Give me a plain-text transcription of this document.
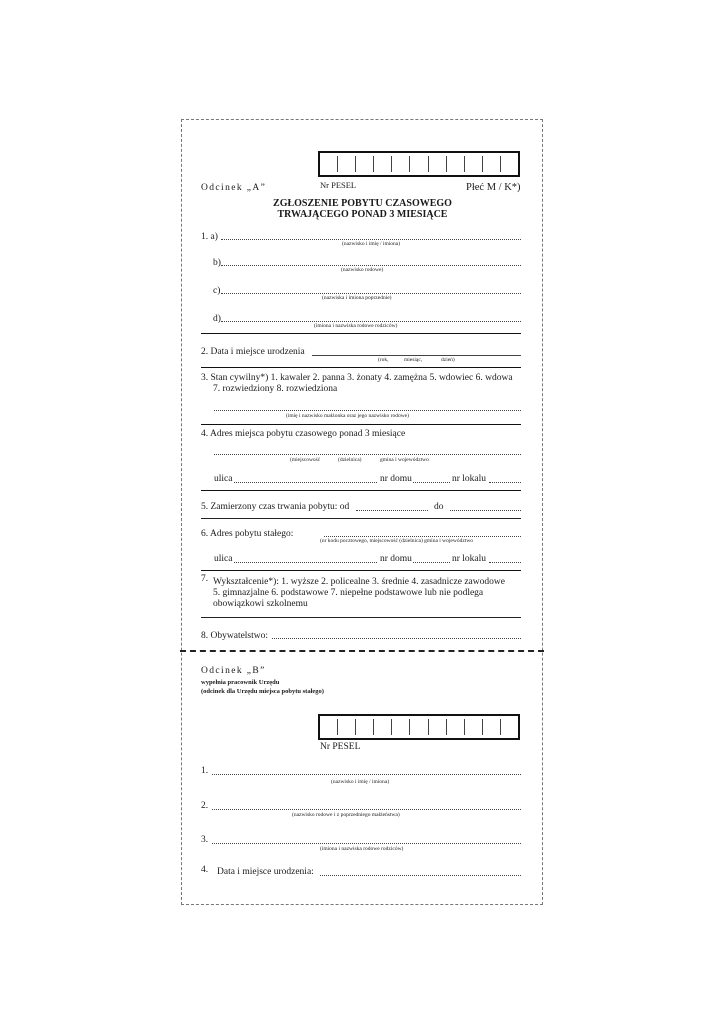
Odcinek „A”	Nr PESEL	Płeć M / K*)
ZGŁOSZENIE POBYTU CZASOWEGO
TRWAJĄCEGO PONAD 3 MIESIĄCE
1. a)
(nazwisko i imię / imiona)
b)
(nazwisko rodowe)
c)
(nazwiska i imiona poprzednie)
d)
(imiona i nazwiska rodowe rodziców)
2. Data i miejsce urodzenia
(rok,	miesiąc,	dzień)
3. Stan cywilny*) 1. kawaler 2. panna 3. żonaty 4. zamężna 5. wdowiec 6. wdowa
7. rozwiedziony 8. rozwiedziona
(imię i nazwisko małżonka oraz jego nazwisko rodowe)
4. Adres miejsca pobytu czasowego ponad 3 miesiące
(miejscowość	(dzielnica)	gmina i województwo
ulica	nr domu	nr lokalu
5. Zamierzony czas trwania pobytu: od	do
6. Adres pobytu stałego:
(nr kodu pocztowego, miejscowość (dzielnica) gmina i województwo
ulica	nr domu	nr lokalu
7. Wykształcenie*): 1. wyższe 2. policealne 3. średnie 4. zasadnicze zawodowe
5. gimnazjalne 6. podstawowe 7. niepełne podstawowe lub nie podlega
obowiązkowi szkolnemu
8. Obywatelstwo:
Odcinek „B”
wypełnia pracownik Urzędu
(odcinek dla Urzędu miejsca pobytu stałego)
Nr PESEL
1.
(nazwisko i imię / imiona)
2.
(nazwisko rodowe i z poprzedniego małżeństwa)
3.
(imiona i nazwiska rodowe rodziców)
4. Data i miejsce urodzenia:
